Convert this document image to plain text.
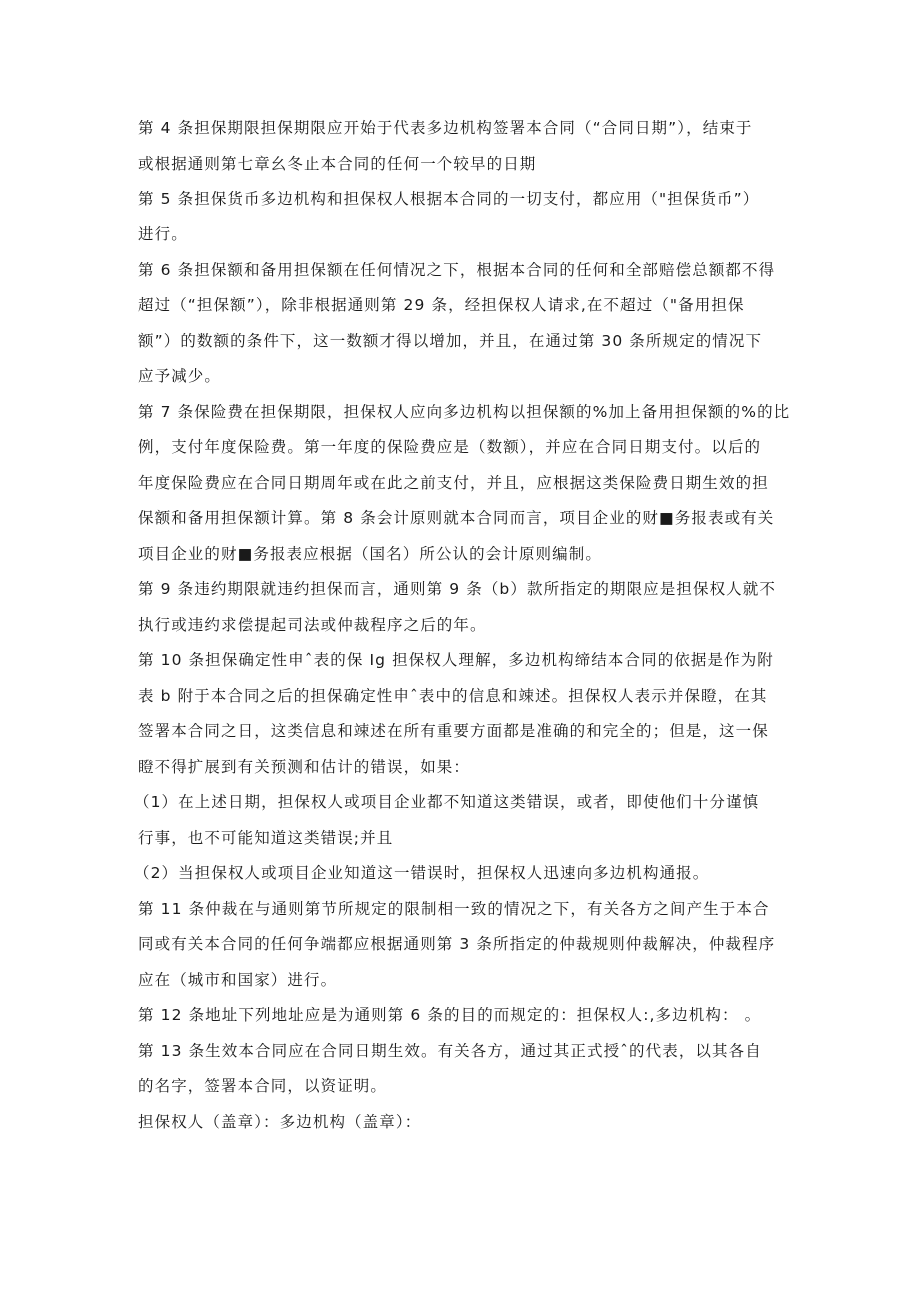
第 4 条担保期限担保期限应开始于代表多边机构签署本合同（“合同日期”），结束于
或根据通则第七章幺冬止本合同的任何一个较早的日期
第 5 条担保货币多边机构和担保权人根据本合同的一切支付，都应用（"担保货币”）
进行。
第 6 条担保额和备用担保额在任何情况之下，根据本合同的任何和全部赔偿总额都不得
超过（“担保额”），除非根据通则第 29 条，经担保权人请求,在不超过（"备用担保
额”）的数额的条件下，这一数额才得以增加，并且，在通过第 30 条所规定的情况下
应予减少。
第 7 条保险费在担保期限，担保权人应向多边机构以担保额的%加上备用担保额的%的比
例，支付年度保险费。第一年度的保险费应是（数额），并应在合同日期支付。以后的
年度保险费应在合同日期周年或在此之前支付，并且，应根据这类保险费日期生效的担
保额和备用担保额计算。第 8 条会计原则就本合同而言，项目企业的财■务报表或有关
项目企业的财■务报表应根据（国名）所公认的会计原则编制。
第 9 条违约期限就违约担保而言，通则第 9 条（b）款所指定的期限应是担保权人就不
执行或违约求偿提起司法或仲裁程序之后的年。
第 10 条担保确定性申ˆ表的保 Ig 担保权人理解，多边机构缔结本合同的依据是作为附
表 b 附于本合同之后的担保确定性申ˆ表中的信息和竦述。担保权人表示并保瞪，在其
签署本合同之日，这类信息和竦述在所有重要方面都是准确的和完全的；但是，这一保
瞪不得扩展到有关预测和估计的错误，如果：
（1）在上述日期，担保权人或项目企业都不知道这类错误，或者，即使他们十分谨慎
行事，也不可能知道这类错误;并且
（2）当担保权人或项目企业知道这一错误时，担保权人迅速向多边机构通报。
第 11 条仲裁在与通则第节所规定的限制相一致的情况之下，有关各方之间产生于本合
同或有关本合同的任何争端都应根据通则第 3 条所指定的仲裁规则仲裁解决，仲裁程序
应在（城市和国家）进行。
第 12 条地址下列地址应是为通则第 6 条的目的而规定的：担保权人:,多边机构： 。
第 13 条生效本合同应在合同日期生效。有关各方，通过其正式授ˆ的代表，以其各自
的名字，签署本合同，以资证明。
担保权人（盖章）：多边机构（盖章）：
